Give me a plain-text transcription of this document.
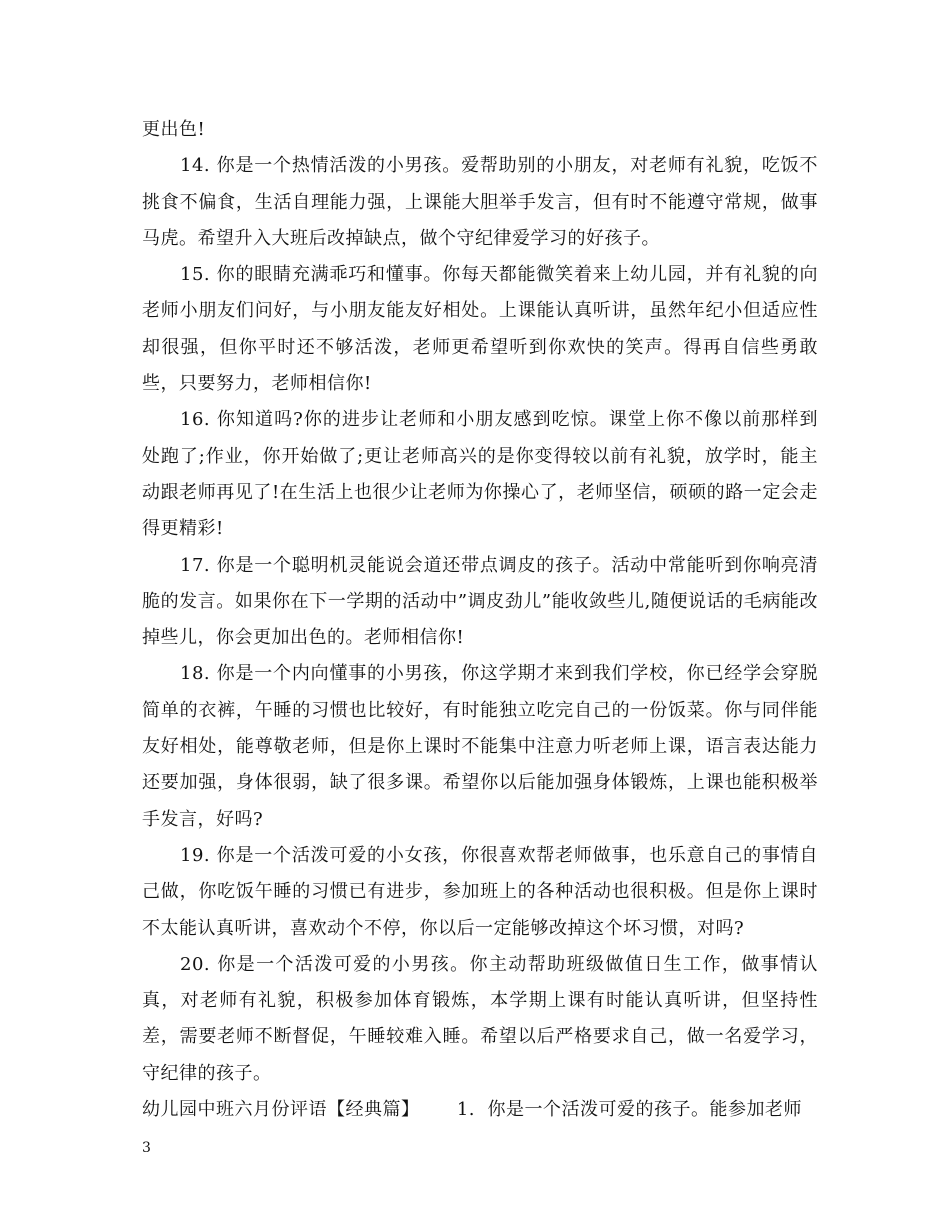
更出色!

14. 你是一个热情活泼的小男孩。爱帮助别的小朋友，对老师有礼貌，吃饭不挑食不偏食，生活自理能力强，上课能大胆举手发言，但有时不能遵守常规，做事马虎。希望升入大班后改掉缺点，做个守纪律爱学习的好孩子。

15. 你的眼睛充满乖巧和懂事。你每天都能微笑着来上幼儿园，并有礼貌的向老师小朋友们问好，与小朋友能友好相处。上课能认真听讲，虽然年纪小但适应性却很强，但你平时还不够活泼，老师更希望听到你欢快的笑声。得再自信些勇敢些，只要努力，老师相信你!

16. 你知道吗?你的进步让老师和小朋友感到吃惊。课堂上你不像以前那样到处跑了;作业，你开始做了;更让老师高兴的是你变得较以前有礼貌，放学时，能主动跟老师再见了!在生活上也很少让老师为你操心了，老师坚信，硕硕的路一定会走得更精彩!

17. 你是一个聪明机灵能说会道还带点调皮的孩子。活动中常能听到你响亮清脆的发言。如果你在下一学期的活动中”调皮劲儿”能收敛些儿,随便说话的毛病能改掉些儿，你会更加出色的。老师相信你!

18. 你是一个内向懂事的小男孩，你这学期才来到我们学校，你已经学会穿脱简单的衣裤，午睡的习惯也比较好，有时能独立吃完自己的一份饭菜。你与同伴能友好相处，能尊敬老师，但是你上课时不能集中注意力听老师上课，语言表达能力还要加强，身体很弱，缺了很多课。希望你以后能加强身体锻炼，上课也能积极举手发言，好吗?

19. 你是一个活泼可爱的小女孩，你很喜欢帮老师做事，也乐意自己的事情自己做，你吃饭午睡的习惯已有进步，参加班上的各种活动也很积极。但是你上课时不太能认真听讲，喜欢动个不停，你以后一定能够改掉这个坏习惯，对吗?

20. 你是一个活泼可爱的小男孩。你主动帮助班级做值日生工作，做事情认真，对老师有礼貌，积极参加体育锻炼，本学期上课有时能认真听讲，但坚持性差，需要老师不断督促，午睡较难入睡。希望以后严格要求自己，做一名爱学习，守纪律的孩子。

幼儿园中班六月份评语【经典篇】 1.  你是一个活泼可爱的孩子。能参加老师

3
